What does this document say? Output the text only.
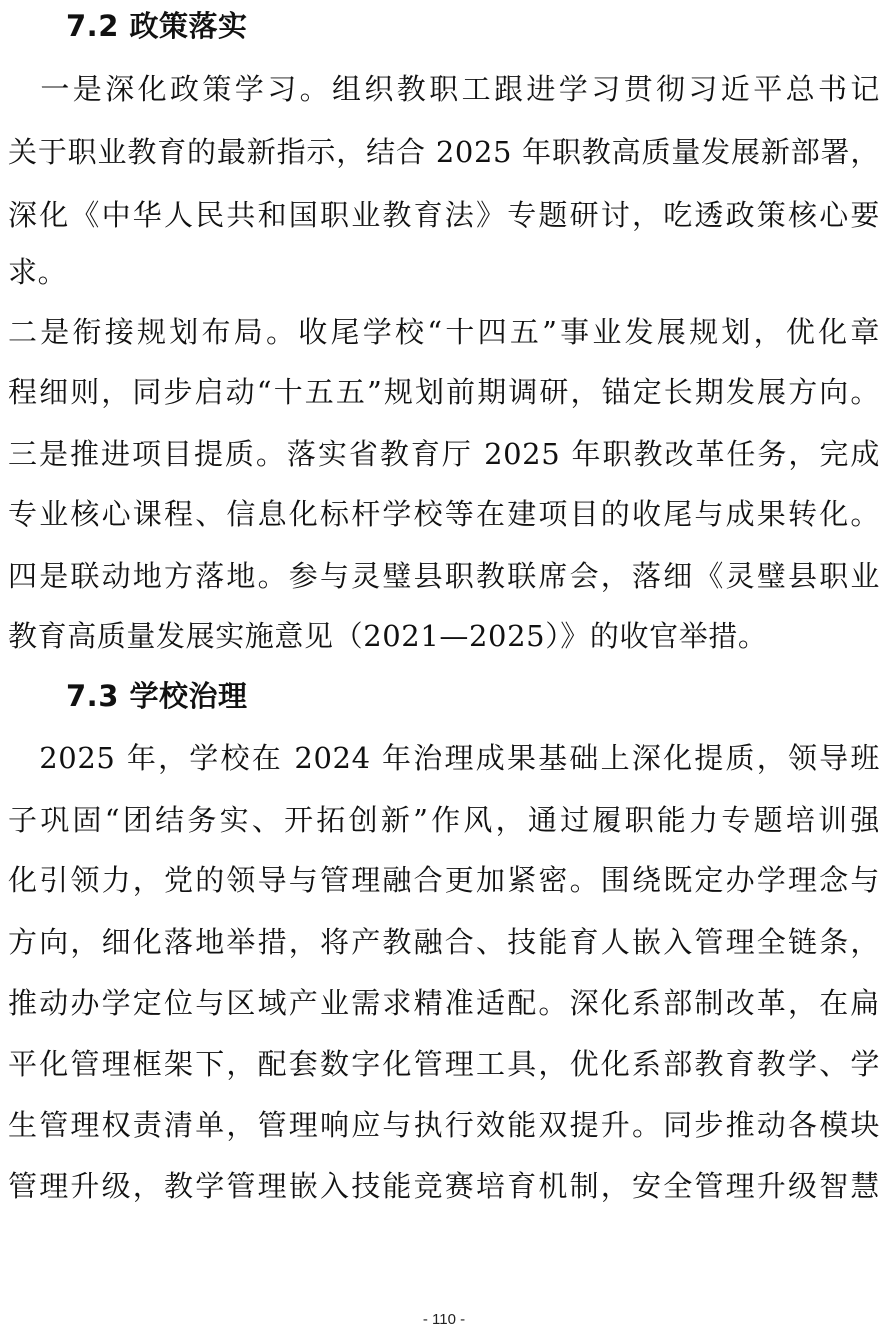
7.2 政策落实
　一是深化政策学习。组织教职工跟进学习贯彻习近平总书记
关于职业教育的最新指示，结合 2025 年职教高质量发展新部署，
深化《中华人民共和国职业教育法》专题研讨，吃透政策核心要
求。
二是衔接规划布局。收尾学校“十四五”事业发展规划，优化章
程细则，同步启动“十五五”规划前期调研，锚定长期发展方向。
三是推进项目提质。落实省教育厅 2025 年职教改革任务，完成
专业核心课程、信息化标杆学校等在建项目的收尾与成果转化。
四是联动地方落地。参与灵璧县职教联席会，落细《灵璧县职业
教育高质量发展实施意见（2021—2025）》的收官举措。
7.3 学校治理
　2025 年，学校在 2024 年治理成果基础上深化提质，领导班
子巩固“团结务实、开拓创新”作风，通过履职能力专题培训强
化引领力，党的领导与管理融合更加紧密。围绕既定办学理念与
方向，细化落地举措，将产教融合、技能育人嵌入管理全链条，
推动办学定位与区域产业需求精准适配。深化系部制改革，在扁
平化管理框架下，配套数字化管理工具，优化系部教育教学、学
生管理权责清单，管理响应与执行效能双提升。同步推动各模块
管理升级，教学管理嵌入技能竞赛培育机制，安全管理升级智慧
- 110 -
